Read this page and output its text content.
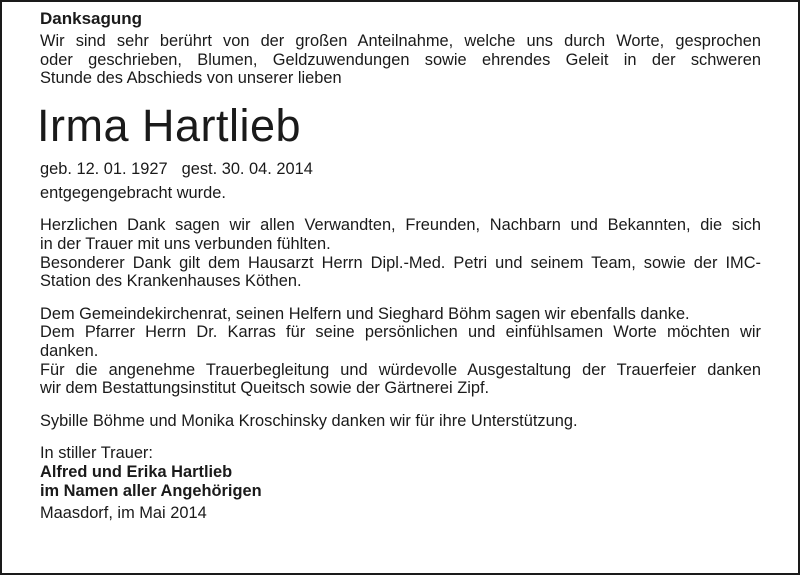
Danksagung
Wir sind sehr berührt von der großen Anteilnahme, welche uns durch Worte, gesprochen
oder geschrieben, Blumen, Geldzuwendungen sowie ehrendes Geleit in der schweren
Stunde des Abschieds von unserer lieben
Irma Hartlieb
geb. 12. 01. 1927 gest. 30. 04. 2014
entgegengebracht wurde.
Herzlichen Dank sagen wir allen Verwandten, Freunden, Nachbarn und Bekannten, die sich
in der Trauer mit uns verbunden fühlten.
Besonderer Dank gilt dem Hausarzt Herrn Dipl.-Med. Petri und seinem Team, sowie der IMC-
Station des Krankenhauses Köthen.
Dem Gemeindekirchenrat, seinen Helfern und Sieghard Böhm sagen wir ebenfalls danke.
Dem Pfarrer Herrn Dr. Karras für seine persönlichen und einfühlsamen Worte möchten wir
danken.
Für die angenehme Trauerbegleitung und würdevolle Ausgestaltung der Trauerfeier danken
wir dem Bestattungsinstitut Queitsch sowie der Gärtnerei Zipf.
Sybille Böhme und Monika Kroschinsky danken wir für ihre Unterstützung.
In stiller Trauer:
Alfred und Erika Hartlieb
im Namen aller Angehörigen
Maasdorf, im Mai 2014
